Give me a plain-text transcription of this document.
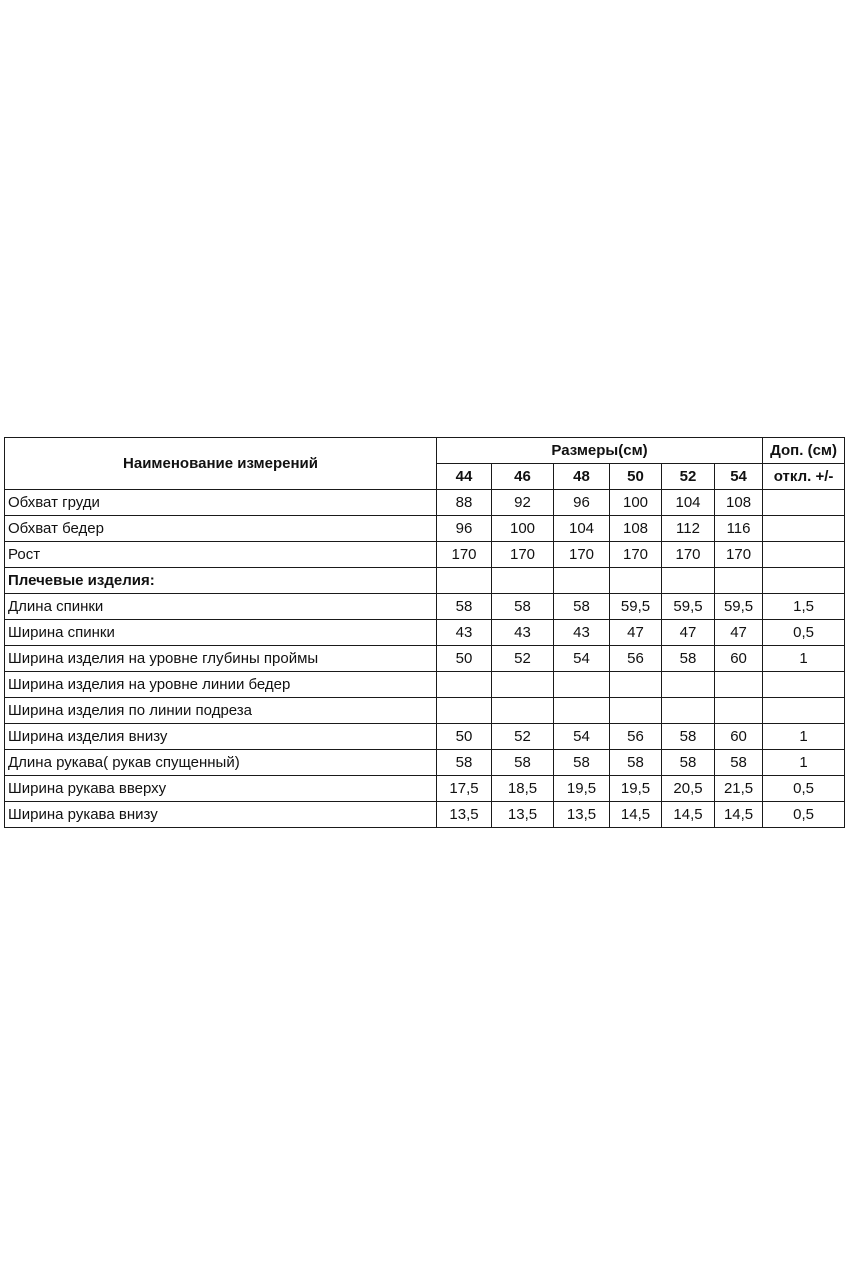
Наименование измерений	Размеры(см)						Доп. (см)
	44	46	48	50	52	54	откл. +/-
Обхват груди	88	92	96	100	104	108	
Обхват бедер	96	100	104	108	112	116	
Рост	170	170	170	170	170	170	
Плечевые изделия:							
Длина спинки	58	58	58	59,5	59,5	59,5	1,5
Ширина спинки	43	43	43	47	47	47	0,5
Ширина изделия на уровне глубины проймы	50	52	54	56	58	60	1
Ширина изделия на уровне линии бедер							
Ширина изделия по линии подреза							
Ширина изделия внизу	50	52	54	56	58	60	1
Длина рукава( рукав спущенный)	58	58	58	58	58	58	1
Ширина рукава вверху	17,5	18,5	19,5	19,5	20,5	21,5	0,5
Ширина рукава внизу	13,5	13,5	13,5	14,5	14,5	14,5	0,5
